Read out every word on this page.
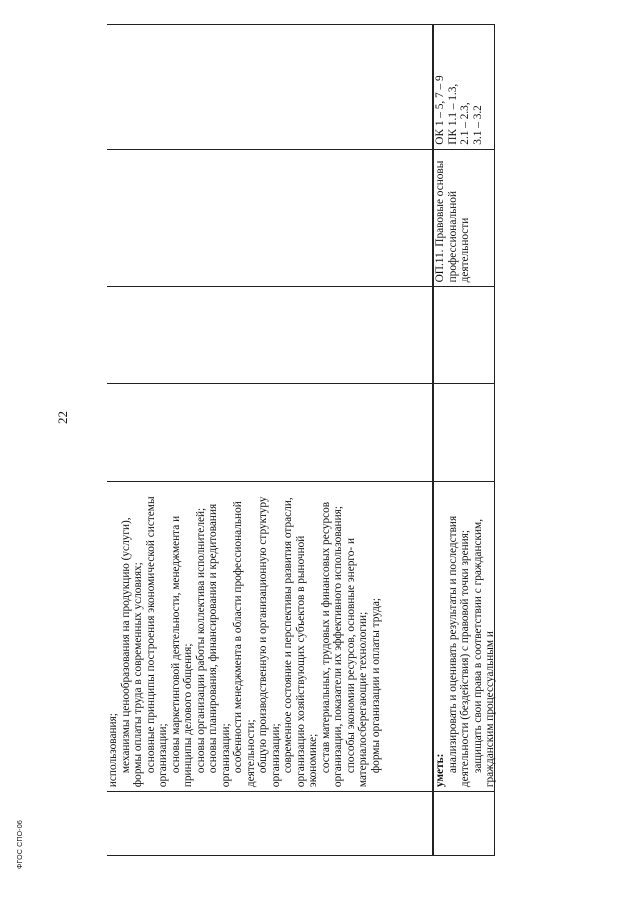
22
ФГОС СПО-06

использования; механизмы ценообразования на продукцию (услуги), формы оплаты труда в современных условиях; основные принципы построения экономической системы организации; основы маркетинговой деятельности, менеджмента и принципы делового общения; основы организации работы коллектива исполнителей; основы планирования, финансирования и кредитования организации; особенности менеджмента в области профессиональной деятельности; общую производственную и организационную структуру организации; современное состояние и перспективы развития отрасли, организацию хозяйствующих субъектов в рыночной экономике; состав материальных, трудовых и финансовых ресурсов организации, показатели их эффективного использования; способы экономии ресурсов, основные энерго- и материалосберегающие технологии; формы организации и оплаты труда;	уметь: анализировать и оценивать результаты и последствия деятельности (бездействия) с правовой точки зрения; защищать свои права в соответствии с гражданским, гражданским процессуальным и

ОП.11. Правовые основы профессиональной деятельности

ОК 1 – 5, 7 – 9 ПК 1.1 – 1.3, 2.1 – 2.3, 3.1 – 3.2
